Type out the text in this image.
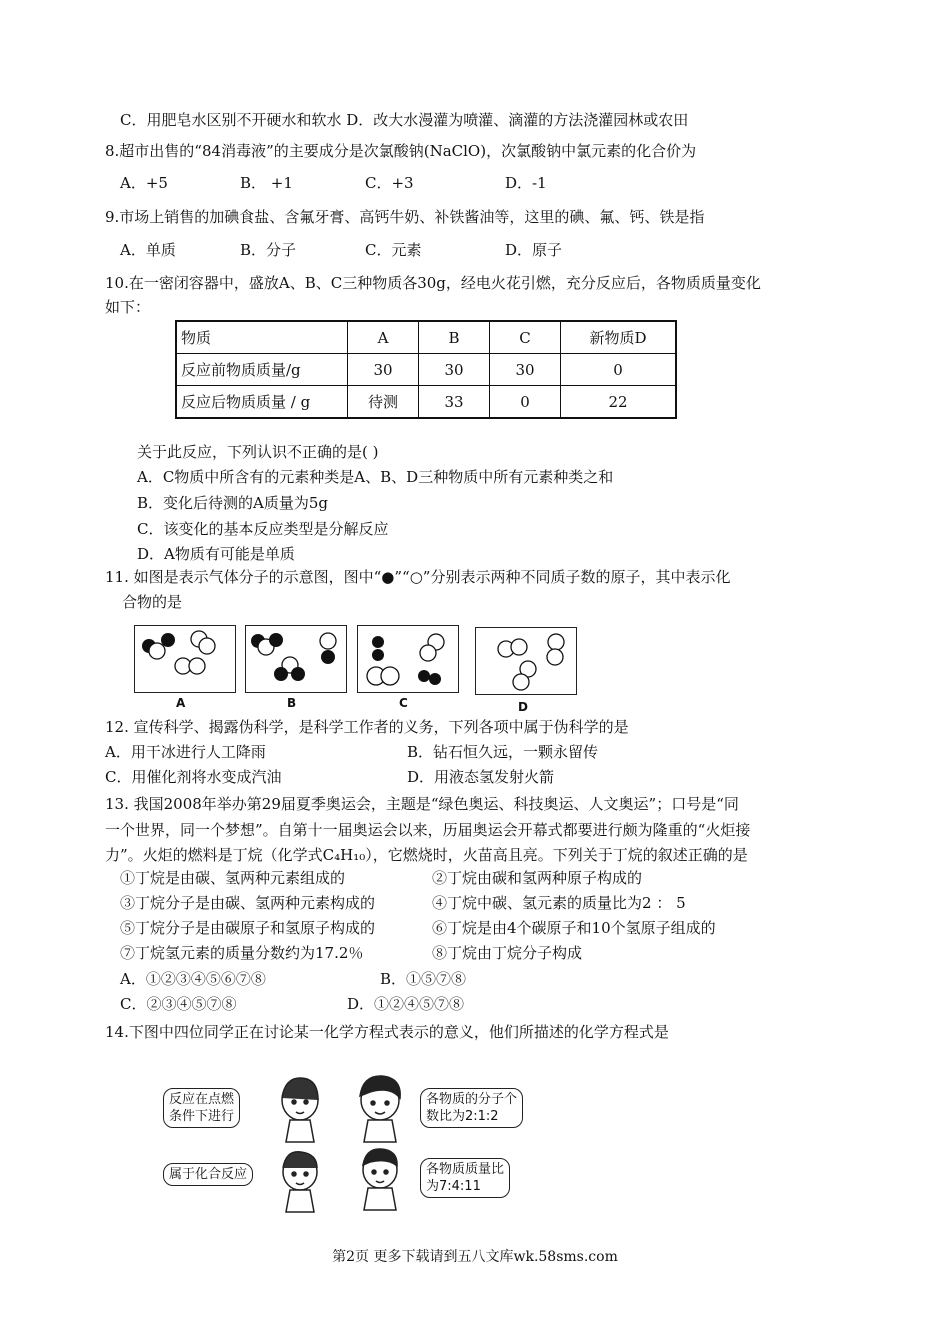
C．用肥皂水区别不开硬水和软水 D．改大水漫灌为喷灌、滴灌的方法浇灌园林或农田
8.超市出售的“84消毒液”的主要成分是次氯酸钠(NaClO)，次氯酸钠中氯元素的化合价为
A．+5	B． +1	C．+3	D．-1
9.市场上销售的加碘食盐、含氟牙膏、高钙牛奶、补铁酱油等，这里的碘、氟、钙、铁是指
A．单质	B．分子	C．元素	D．原子
10.在一密闭容器中，盛放A、B、C三种物质各30g，经电火花引燃，充分反应后，各物质质量变化
如下：
物质	A	B	C	新物质D
反应前物质质量/g	30	30	30	0
反应后物质质量 / g	待测	33	0	22
关于此反应，下列认识不正确的是( )
A．C物质中所含有的元素种类是A、B、D三种物质中所有元素种类之和
B．变化后待测的A质量为5g
C．该变化的基本反应类型是分解反应
D．A物质有可能是单质
11. 如图是表示气体分子的示意图，图中“●”“○”分别表示两种不同质子数的原子，其中表示化
合物的是
A	B	C	D
12. 宣传科学、揭露伪科学，是科学工作者的义务，下列各项中属于伪科学的是
A．用干冰进行人工降雨	B．钻石恒久远，一颗永留传
C．用催化剂将水变成汽油	D．用液态氢发射火箭
13. 我国2008年举办第29届夏季奥运会，主题是“绿色奥运、科技奥运、人文奥运”；口号是“同
一个世界，同一个梦想”。自第十一届奥运会以来，历届奥运会开幕式都要进行颇为隆重的“火炬接
力”。火炬的燃料是丁烷（化学式C₄H₁₀），它燃烧时，火苗高且亮。下列关于丁烷的叙述正确的是
①丁烷是由碳、氢两种元素组成的	②丁烷由碳和氢两种原子构成的
③丁烷分子是由碳、氢两种元素构成的	④丁烷中碳、氢元素的质量比为2 ： 5
⑤丁烷分子是由碳原子和氢原子构成的	⑥丁烷是由4个碳原子和10个氢原子组成的
⑦丁烷氢元素的质量分数约为17.2％	⑧丁烷由丁烷分子构成
A．①②③④⑤⑥⑦⑧	B．①⑤⑦⑧
C．②③④⑤⑦⑧	D．①②④⑤⑦⑧
14.下图中四位同学正在讨论某一化学方程式表示的意义，他们所描述的化学方程式是
反应在点燃
条件下进行
各物质的分子个
数比为2:1:2
属于化合反应	各物质质量比
为7:4:11
第2页 更多下载请到五八文库wk.58sms.com
